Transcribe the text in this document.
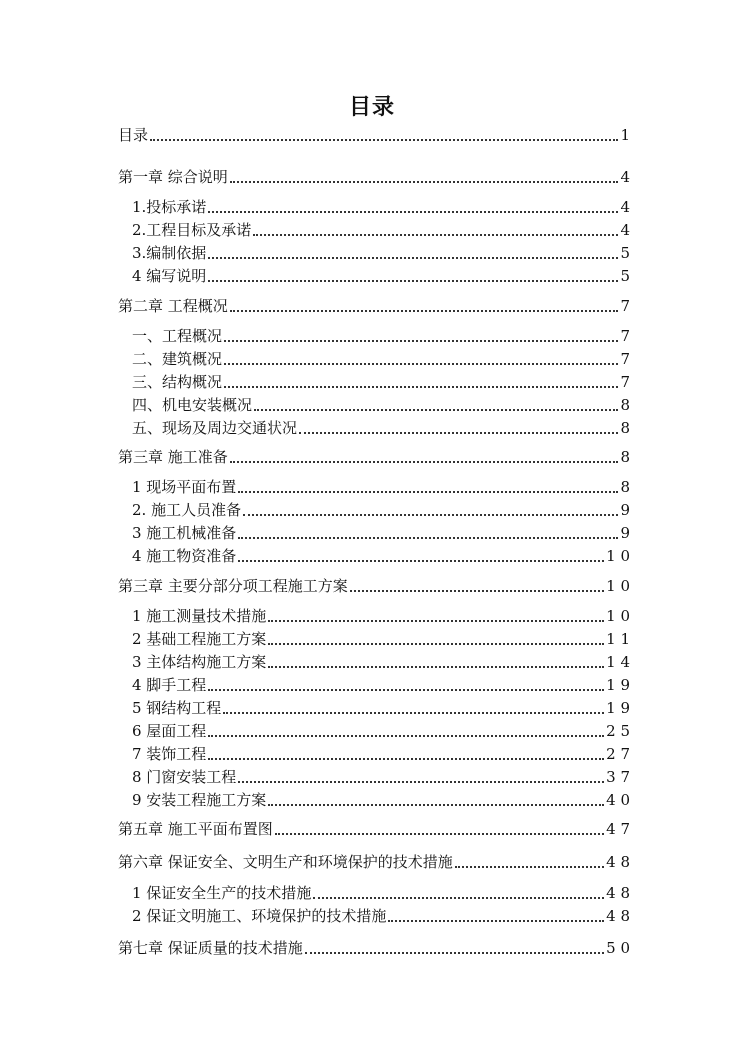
目录
目录	1
第一章 综合说明	4
1.投标承诺	4
2.工程目标及承诺	4
3.编制依据	5
4 编写说明	5
第二章 工程概况	7
一、工程概况	7
二、建筑概况	7
三、结构概况	7
四、机电安装概况	8
五、现场及周边交通状况	8
第三章 施工准备	8
1 现场平面布置	8
2. 施工人员准备	9
3 施工机械准备	9
4 施工物资准备	1 0
第三章 主要分部分项工程施工方案	1 0
1 施工测量技术措施	1 0
2 基础工程施工方案	1 1
3 主体结构施工方案	1 4
4 脚手工程	1 9
5 钢结构工程	1 9
6 屋面工程	2 5
7 装饰工程	2 7
8 门窗安装工程	3 7
9 安装工程施工方案	4 0
第五章 施工平面布置图	4 7
第六章 保证安全、文明生产和环境保护的技术措施	4 8
1 保证安全生产的技术措施	4 8
2 保证文明施工、环境保护的技术措施	4 8
第七章 保证质量的技术措施	5 0
